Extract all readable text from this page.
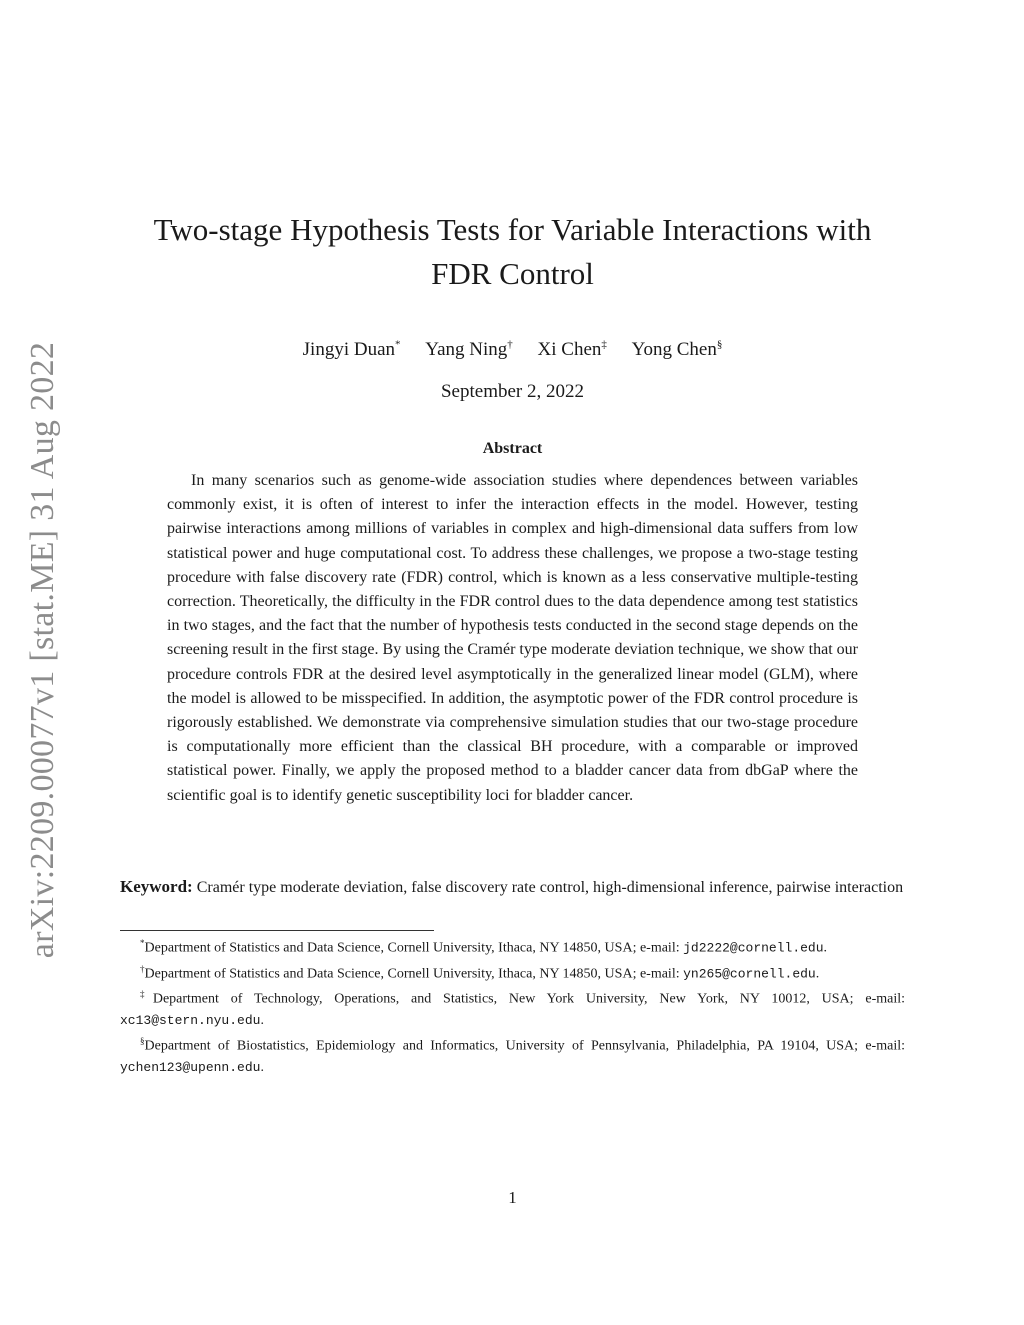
arXiv:2209.00077v1 [stat.ME] 31 Aug 2022
Two-stage Hypothesis Tests for Variable Interactions with FDR Control
Jingyi Duan* Yang Ning† Xi Chen‡ Yong Chen§
September 2, 2022
Abstract

In many scenarios such as genome-wide association studies where dependences between variables commonly exist, it is often of interest to infer the interaction effects in the model. However, testing pairwise interactions among millions of variables in complex and high-dimensional data suffers from low statistical power and huge computational cost. To address these challenges, we propose a two-stage testing procedure with false discovery rate (FDR) control, which is known as a less conservative multiple-testing correction. Theoretically, the difficulty in the FDR control dues to the data dependence among test statistics in two stages, and the fact that the number of hypothesis tests conducted in the second stage depends on the screening result in the first stage. By using the Cramér type moderate deviation technique, we show that our procedure controls FDR at the desired level asymptotically in the generalized linear model (GLM), where the model is allowed to be misspecified. In addition, the asymptotic power of the FDR control procedure is rigorously established. We demonstrate via comprehensive simulation studies that our two-stage procedure is computationally more efficient than the classical BH procedure, with a comparable or improved statistical power. Finally, we apply the proposed method to a bladder cancer data from dbGaP where the scientific goal is to identify genetic susceptibility loci for bladder cancer.

Keyword: Cramér type moderate deviation, false discovery rate control, high-dimensional inference, pairwise interaction

*Department of Statistics and Data Science, Cornell University, Ithaca, NY 14850, USA; e-mail: jd2222@cornell.edu.

†Department of Statistics and Data Science, Cornell University, Ithaca, NY 14850, USA; e-mail: yn265@cornell.edu.

‡Department of Technology, Operations, and Statistics, New York University, New York, NY 10012, USA; e-mail: xc13@stern.nyu.edu.

§Department of Biostatistics, Epidemiology and Informatics, University of Pennsylvania, Philadelphia, PA 19104, USA; e-mail: ychen123@upenn.edu.

1
